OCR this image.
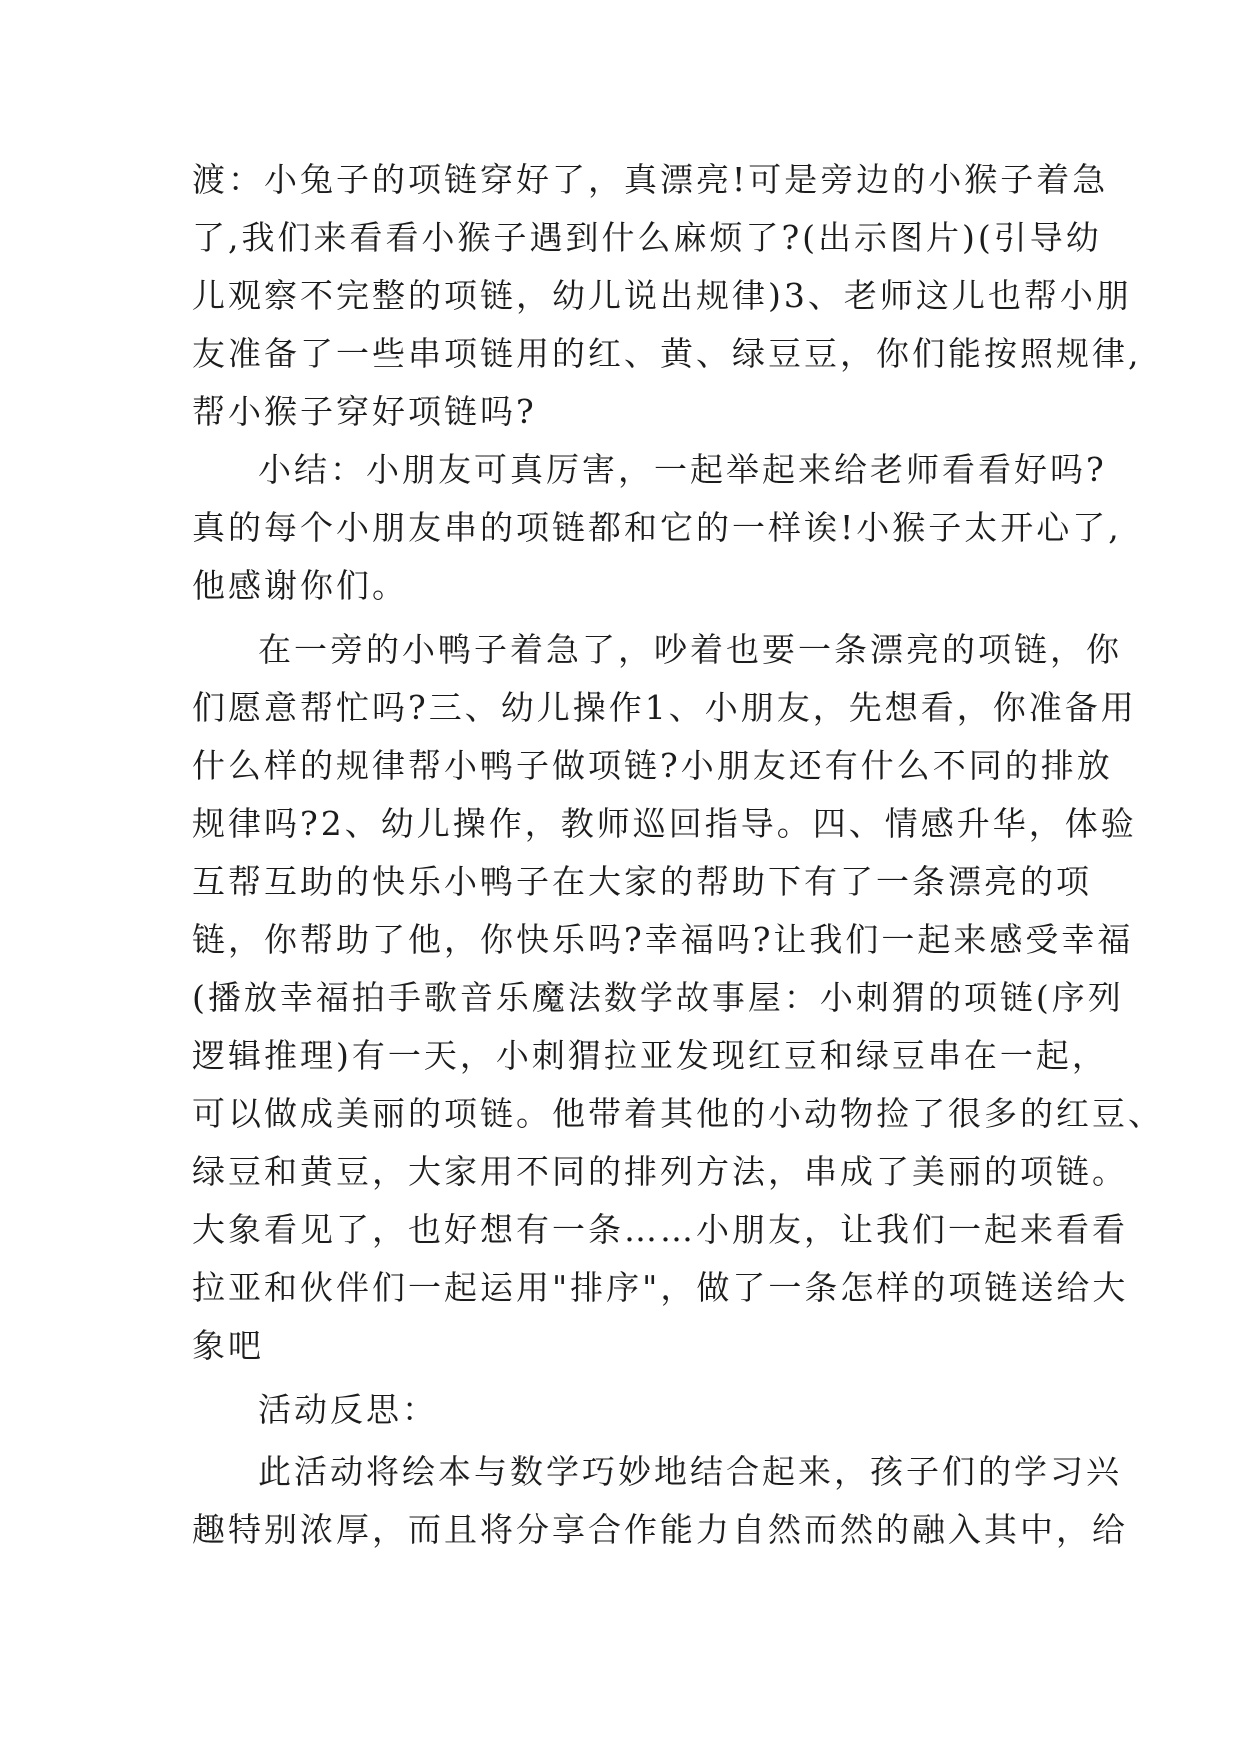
渡：小兔子的项链穿好了，真漂亮!可是旁边的小猴子着急
了,我们来看看小猴子遇到什么麻烦了?(出示图片)(引导幼
儿观察不完整的项链，幼儿说出规律)3、老师这儿也帮小朋
友准备了一些串项链用的红、黄、绿豆豆，你们能按照规律,
帮小猴子穿好项链吗?
小结：小朋友可真厉害，一起举起来给老师看看好吗?
真的每个小朋友串的项链都和它的一样诶!小猴子太开心了,
他感谢你们。
在一旁的小鸭子着急了，吵着也要一条漂亮的项链，你
们愿意帮忙吗?三、幼儿操作1、小朋友，先想看，你准备用
什么样的规律帮小鸭子做项链?小朋友还有什么不同的排放
规律吗?2、幼儿操作，教师巡回指导。四、情感升华，体验
互帮互助的快乐小鸭子在大家的帮助下有了一条漂亮的项
链，你帮助了他，你快乐吗?幸福吗?让我们一起来感受幸福
(播放幸福拍手歌音乐魔法数学故事屋：小刺猬的项链(序列
逻辑推理)有一天，小刺猬拉亚发现红豆和绿豆串在一起，
可以做成美丽的项链。他带着其他的小动物捡了很多的红豆、
绿豆和黄豆，大家用不同的排列方法，串成了美丽的项链。
大象看见了，也好想有一条……小朋友，让我们一起来看看
拉亚和伙伴们一起运用"排序"，做了一条怎样的项链送给大
象吧
活动反思：
此活动将绘本与数学巧妙地结合起来，孩子们的学习兴
趣特别浓厚，而且将分享合作能力自然而然的融入其中，给
